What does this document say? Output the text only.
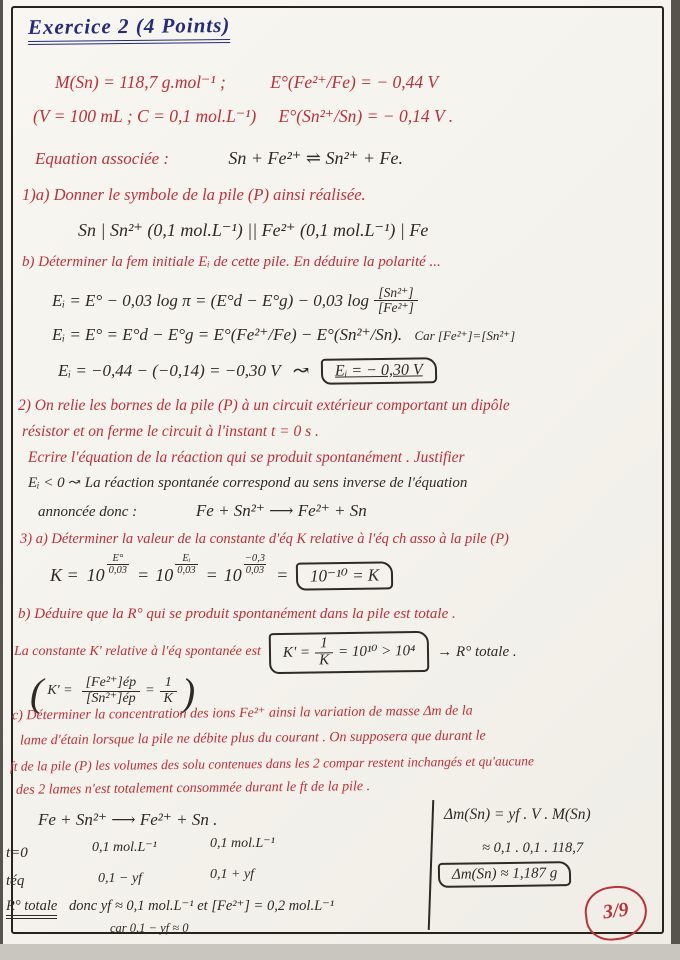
Exercice 2 (4 Points)
M(Sn) = 118,7 g.mol⁻¹ ;	E°(Fe²⁺/Fe) = − 0,44 V
(V = 100 mL ; C = 0,1 mol.L⁻¹) E°(Sn²⁺/Sn) = − 0,14 V .
Equation associée :	Sn + Fe²⁺ ⇌ Sn²⁺ + Fe.
1)a) Donner le symbole de la pile (P) ainsi réalisée.
Sn | Sn²⁺ (0,1 mol.L⁻¹) || Fe²⁺ (0,1 mol.L⁻¹) | Fe
b) Déterminer la fem initiale Eᵢ de cette pile. En déduire la polarité ...
Eᵢ = E° − 0,03 log π = (E°d − E°g) − 0,03 $\log \frac{\text{[Sn²⁺]}}{\text{[Fe²⁺]}}$
Eᵢ = E° = E°d − E°g = E°(Fe²⁺/Fe) − E°(Sn²⁺/Sn). Car [Fe²⁺]=[Sn²⁺]
Eᵢ = −0,44 − (−0,14) = −0,30 V ↝	Eᵢ = − 0,30 V
2) On relie les bornes de la pile (P) à un circuit extérieur comportant un dipôle
résistor et on ferme le circuit à l'instant t = 0 s .
Ecrire l'équation de la réaction qui se produit spontanément . Justifier
Eᵢ < 0 ↝ La réaction spontanée correspond au sens inverse de l'équation
annoncée donc :	Fe + Sn²⁺ ⟶ Fe²⁺ + Sn
3) a) Déterminer la valeur de la constante d'éq K relative à l'éq ch asso à la pile (P)
$K = 10 \frac{E^\circ}{0,03} = 10 \frac{\text{Eᵢ}}{0,03} = 10 \frac{-0,3}{0,03}$ =	10⁻¹⁰ = K
b) Déduire que la R° qui se produit spontanément dans la pile est totale .
La constante K' relative à l'éq spontanée est $K' = \frac{1}{K} = 10^{10} > 10^4 \to R^\circ$ totale .
( $K' = \frac{\text{[Fe²⁺]ép}}{\text{[Sn²⁺]ép}} = \frac{1}{K}$ )
c) Déterminer la concentration des ions Fe²⁺ ainsi la variation de masse Δm de la
lame d'étain lorsque la pile ne débite plus du courant . On supposera que durant le
ft de la pile (P) les volumes des solu contenues dans les 2 compar restent inchangés et qu'aucune
des 2 lames n'est totalement consommée durant le ft de la pile .
Fe + Sn²⁺ ⟶ Fe²⁺ + Sn .
t=0	0,1 mol.L⁻¹	0,1 mol.L⁻¹
téq	0,1 − yf	0,1 + yf
R° totale donc yf ≈ 0,1 mol.L⁻¹ et [Fe²⁺] = 0,2 mol.L⁻¹
car 0,1 − yf ≈ 0
Δm(Sn) = yf . V . M(Sn)
≈ 0,1 . 0,1 . 118,7
Δm(Sn) ≈ 1,187 g
3/9
